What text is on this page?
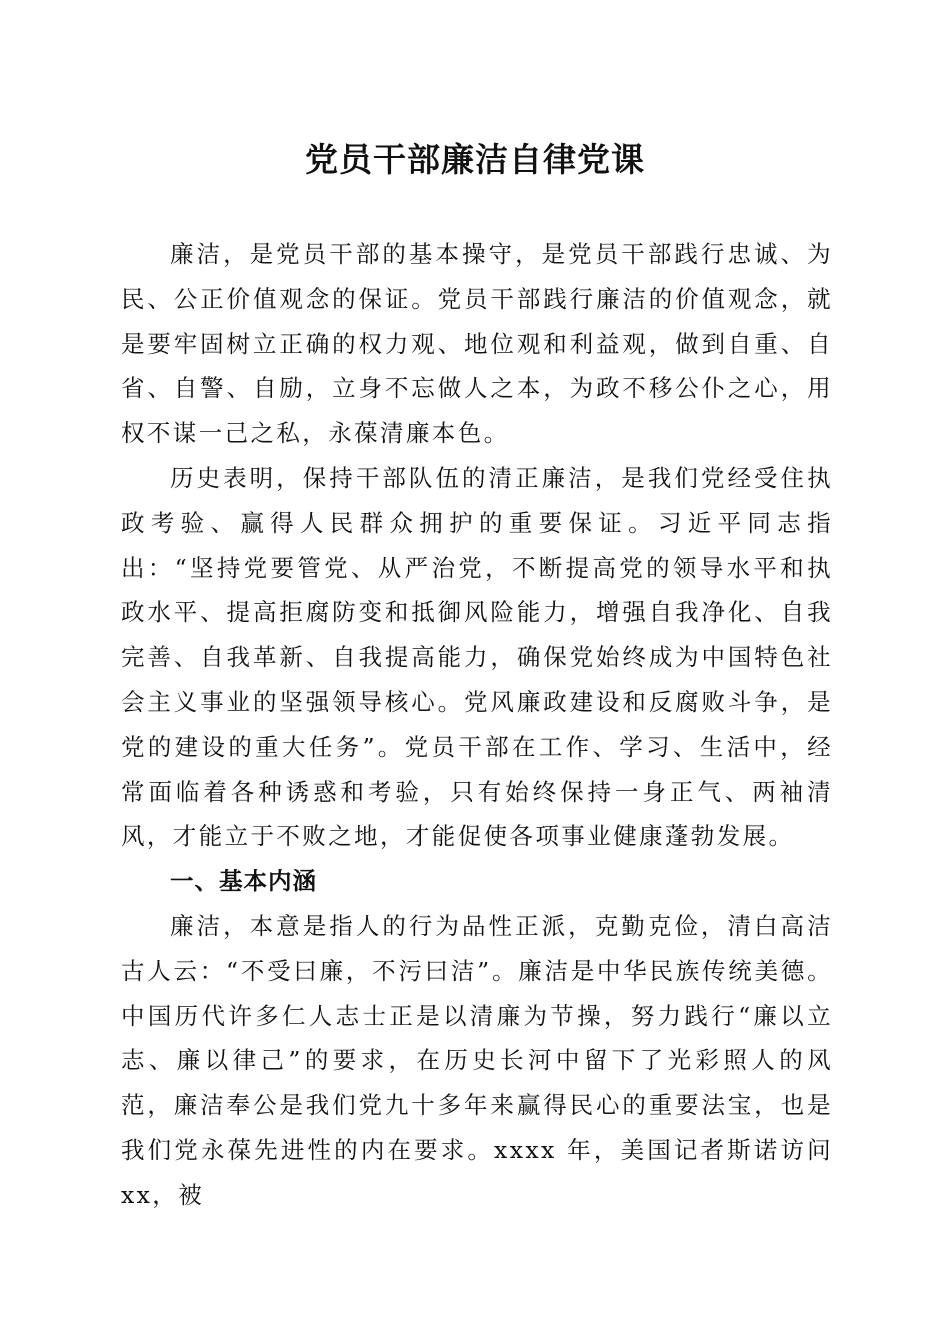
党员干部廉洁自律党课

廉洁，是党员干部的基本操守，是党员干部践行忠诚、为民、公正价值观念的保证。党员干部践行廉洁的价值观念，就是要牢固树立正确的权力观、地位观和利益观，做到自重、自省、自警、自励，立身不忘做人之本，为政不移公仆之心，用权不谋一己之私，永葆清廉本色。

历史表明，保持干部队伍的清正廉洁，是我们党经受住执政考验、赢得人民群众拥护的重要保证。习近平同志指出：“坚持党要管党、从严治党，不断提高党的领导水平和执政水平、提高拒腐防变和抵御风险能力，增强自我净化、自我完善、自我革新、自我提高能力，确保党始终成为中国特色社会主义事业的坚强领导核心。党风廉政建设和反腐败斗争，是党的建设的重大任务”。党员干部在工作、学习、生活中，经常面临着各种诱惑和考验，只有始终保持一身正气、两袖清风，才能立于不败之地，才能促使各项事业健康蓬勃发展。

一、基本内涵

廉洁，本意是指人的行为品性正派，克勤克俭，清白高洁古人云：“不受曰廉，不污曰洁”。廉洁是中华民族传统美德。中国历代许多仁人志士正是以清廉为节操，努力践行“廉以立志、廉以律己”的要求，在历史长河中留下了光彩照人的风范，廉洁奉公是我们党九十多年来赢得民心的重要法宝，也是我们党永葆先进性的内在要求。xxxx 年，美国记者斯诺访问 xx，被
